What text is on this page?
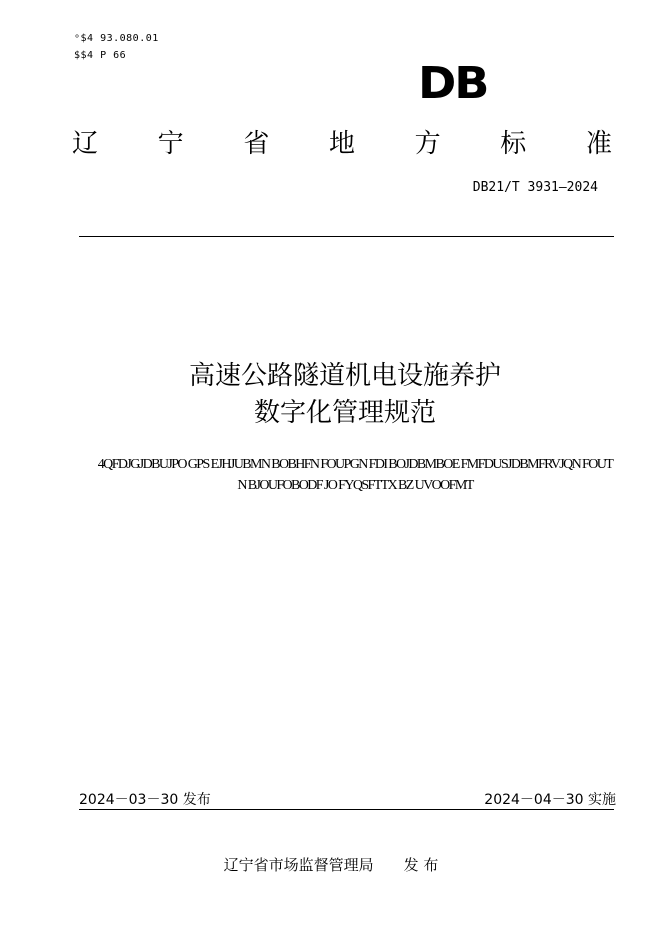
ᵒ$4 93.080.01
$$4 P 66
DB
辽 宁 省 地 方 标 准
DB21/T 3931—2024
高速公路隧道机电设施养护
数字化管理规范
4QFDJGJDBUJPO GPS EJHJUBMN BOBHFN FOUPGN FDI BOJDBMBOE FMFDUSJDBMFRVJQN FOUT
N BJOUFOBODF JO FYQSFTTX BZ UVOOFMT
2024－03－30 发布	2024－04－30 实施
辽宁省市场监督管理局　　发 布
